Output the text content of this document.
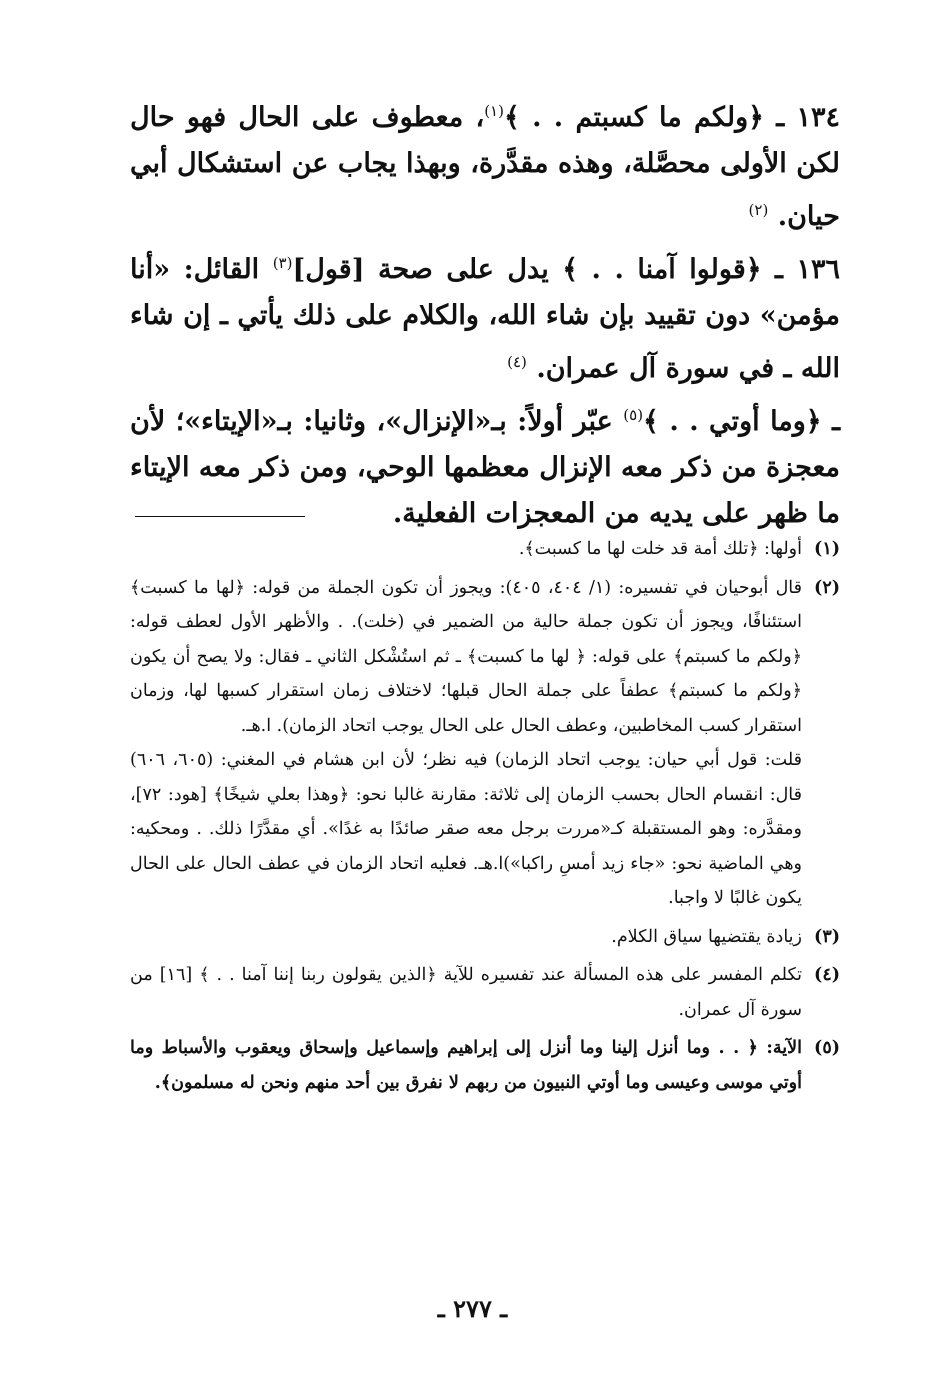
١٣٤ ـ ﴿ولكم ما كسبتم . . ﴾$^{(١)}$، معطوف على الحال فهو حال لكن الأولى محصَّلة، وهذه مقدَّرة، وبهذا يجاب عن استشكال أبي حيان. $^{(٢)}$

١٣٦ ـ ﴿قولوا آمنا . . ﴾ يدل على صحة [قول]$^{(٣)}$ القائل: «أنا مؤمن» دون تقييد بإن شاء الله، والكلام على ذلك يأتي ـ إن شاء الله ـ في سورة آل عمران. $^{(٤)}$

ـ ﴿وما أوتي . . ﴾$^{(٥)}$ عبّر أولاً: بـ«الإنزال»، وثانيا: بـ«الإيتاء»؛ لأن معجزة من ذكر معه الإنزال معظمها الوحي، ومن ذكر معه الإيتاء ما ظهر على يديه من المعجزات الفعلية.

(١)

أولها: ﴿تلك أمة قد خلت لها ما كسبت﴾.

(٢)

قال أبوحيان في تفسيره: (١/ ٤٠٤، ٤٠٥): ويجوز أن تكون الجملة من قوله: ﴿لها ما كسبت﴾ استئنافًا، ويجوز أن تكون جملة حالية من الضمير في (خلت). . والأظهر الأول لعطف قوله: ﴿ولكم ما كسبتم﴾ على قوله: ﴿ لها ما كسبت﴾ ـ ثم استُشْكل الثاني ـ فقال: ولا يصح أن يكون ﴿ولكم ما كسبتم﴾ عطفاً على جملة الحال قبلها؛ لاختلاف زمان استقرار كسبها لها، وزمان استقرار كسب المخاطبين، وعطف الحال على الحال يوجب اتحاد الزمان). ا.هـ.

قلت: قول أبي حيان: يوجب اتحاد الزمان) فيه نظر؛ لأن ابن هشام في المغني: (٦٠٥، ٦٠٦) قال: انقسام الحال بحسب الزمان إلى ثلاثة: مقارنة غالبا نحو: ﴿وهذا بعلي شيخًا﴾ [هود: ٧٢]، ومقدَّره: وهو المستقبلة كـ«مررت برجل معه صقر صائدًا به غدًا». أي مقدَّرًا ذلك. . ومحكيه: وهي الماضية نحو: «جاء زيد أمسِ راكبا»)ا.هـ. فعليه اتحاد الزمان في عطف الحال على الحال يكون غالبًا لا واجبا.

(٣)

زيادة يقتضيها سياق الكلام.

(٤)

تكلم المفسر على هذه المسألة عند تفسيره للآية ﴿الذين يقولون ربنا إننا آمنا . . ﴾ [١٦] من سورة آل عمران.

(٥)

الآية: ﴿ . . وما أنزل إلينا وما أنزل إلى إبراهيم وإسماعيل وإسحاق ويعقوب والأسباط وما أوتي موسى وعيسى وما أوتي النبيون من ربهم لا نفرق بين أحد منهم ونحن له مسلمون﴾.

ـ ٢٧٧ ـ
